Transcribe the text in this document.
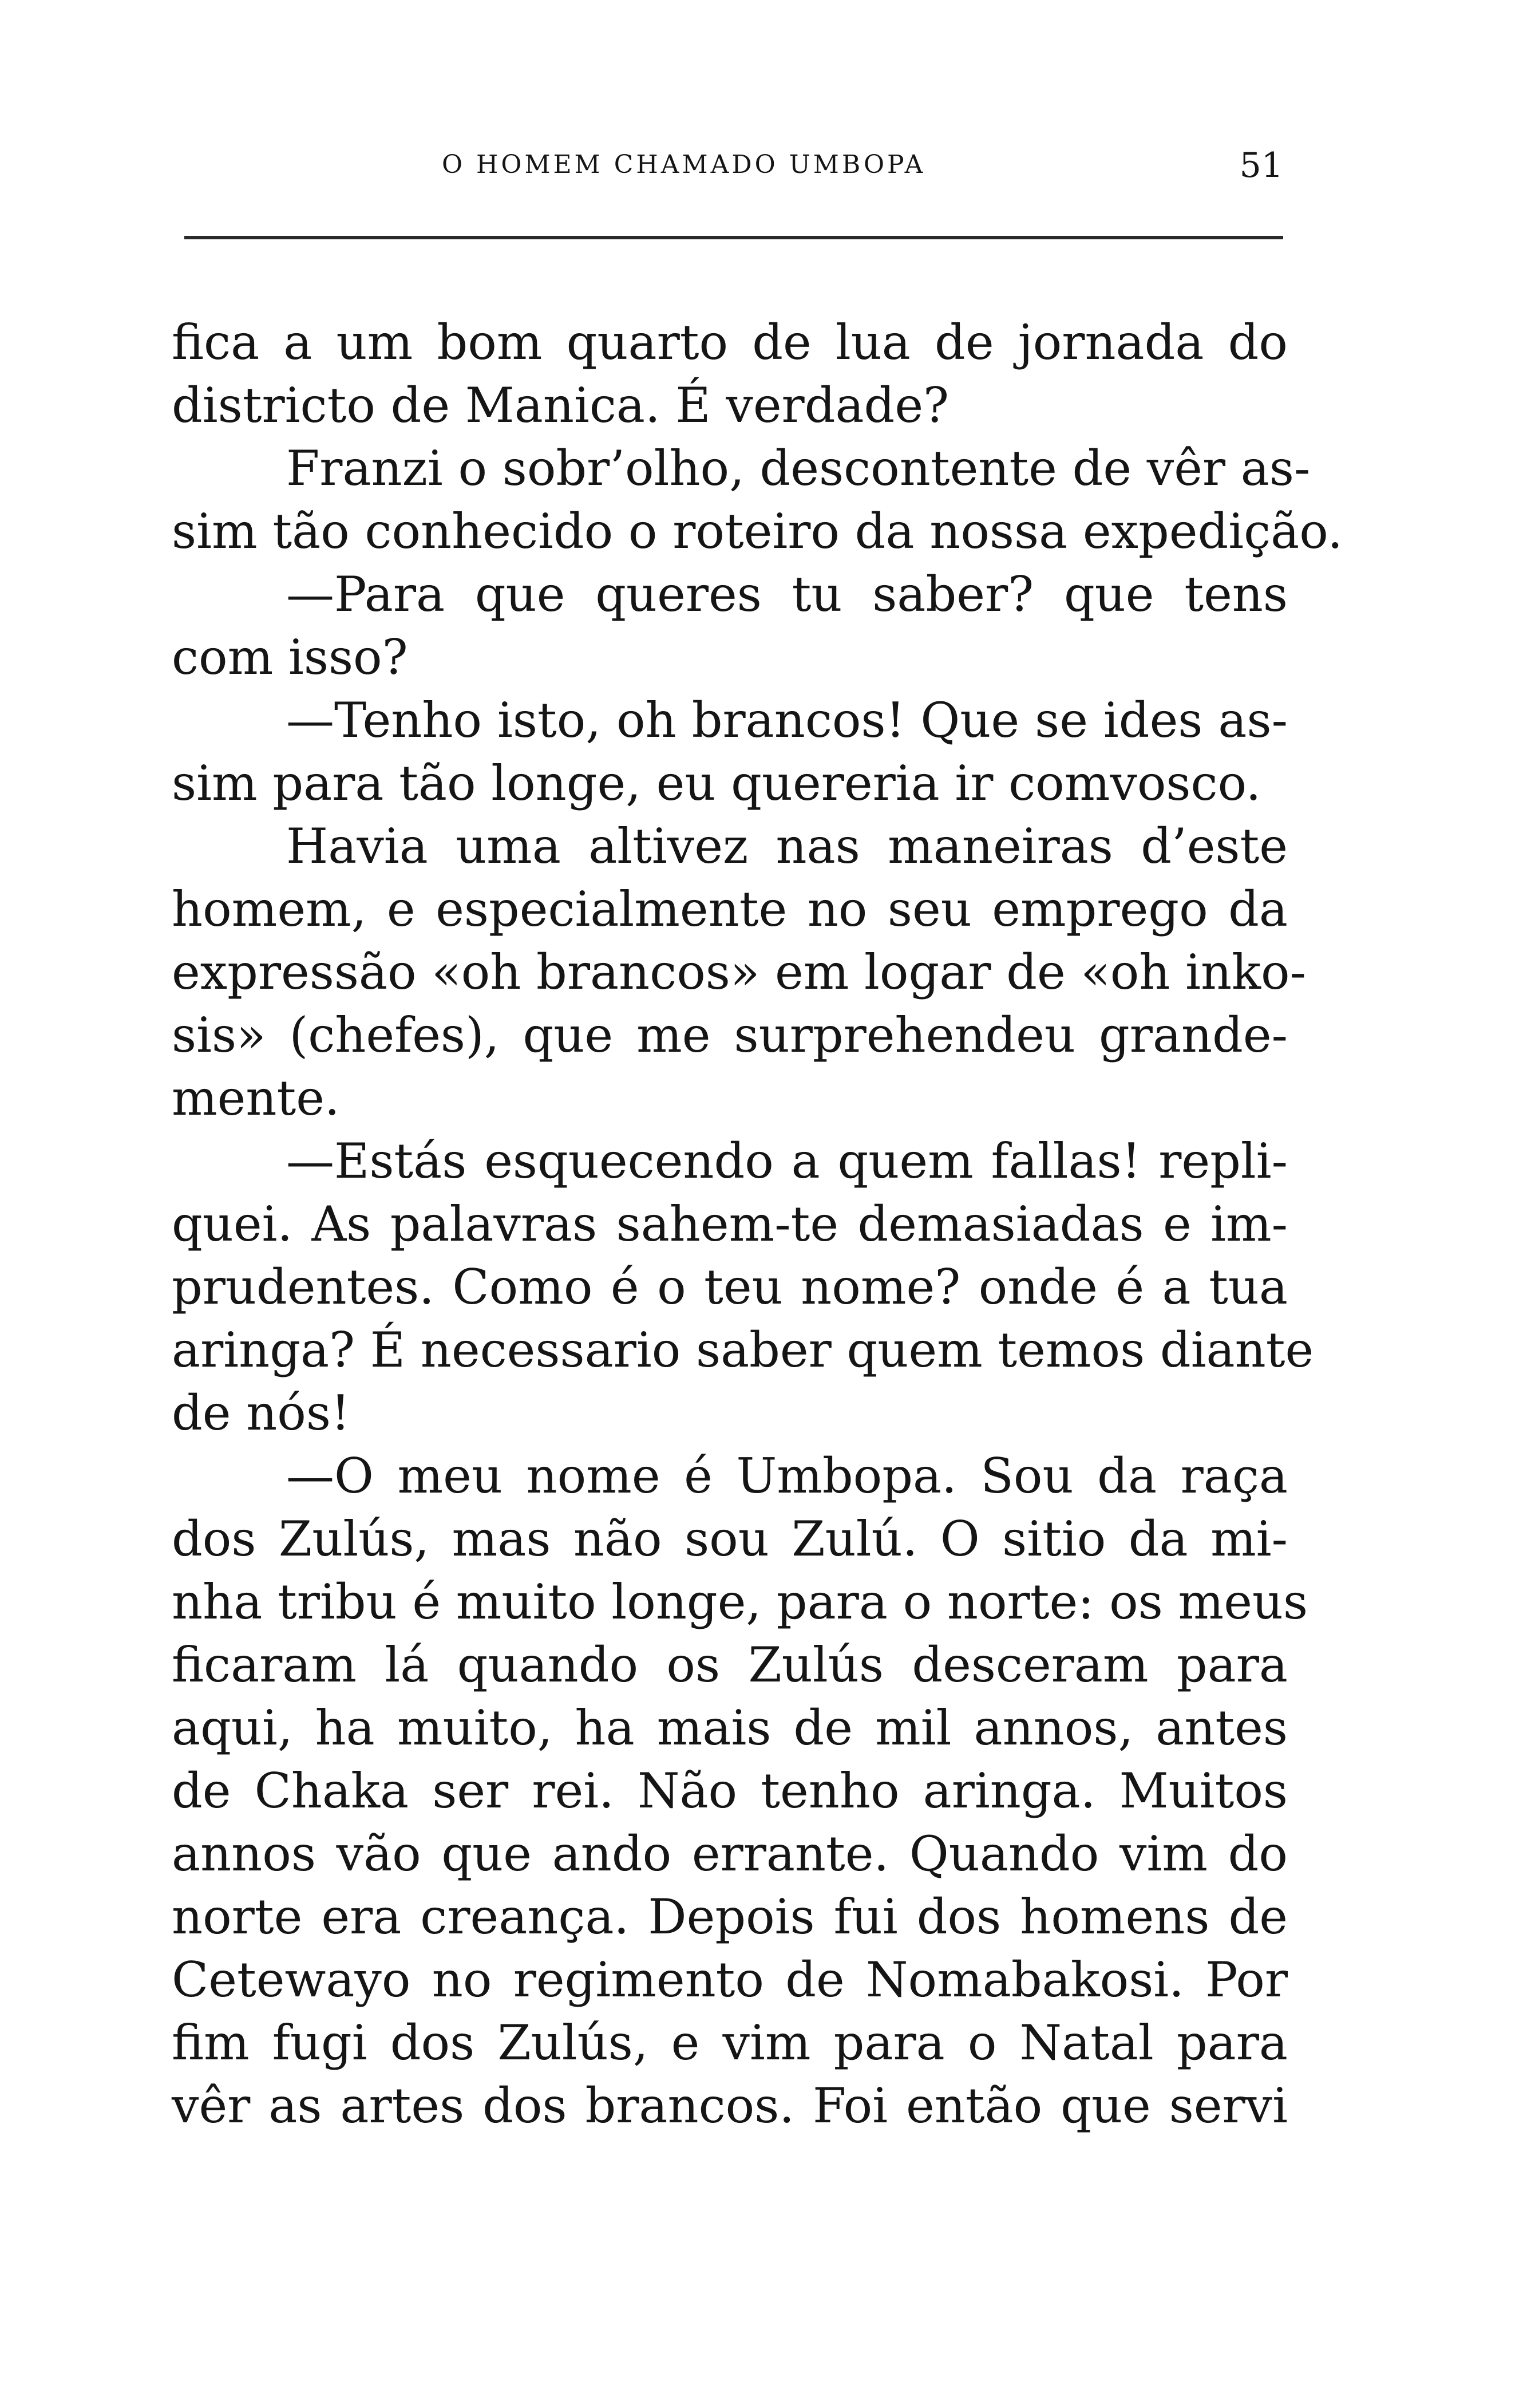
O HOMEM CHAMADO UMBOPA	51
fica a um bom quarto de lua de jornada do
districto de Manica. É verdade?
Franzi o sobr’olho, descontente de vêr as-
sim tão conhecido o roteiro da nossa expedição.
—Para que queres tu saber? que tens
com isso?
—Tenho isto, oh brancos! Que se ides as-
sim para tão longe, eu quereria ir comvosco.
Havia uma altivez nas maneiras d’este
homem, e especialmente no seu emprego da
expressão «oh brancos» em logar de «oh inko-
sis» (chefes), que me surprehendeu grande-
mente.
—Estás esquecendo a quem fallas! repli-
quei. As palavras sahem-te demasiadas e im-
prudentes. Como é o teu nome? onde é a tua
aringa? É necessario saber quem temos diante
de nós!
—O meu nome é Umbopa. Sou da raça
dos Zulús, mas não sou Zulú. O sitio da mi-
nha tribu é muito longe, para o norte: os meus
ficaram lá quando os Zulús desceram para
aqui, ha muito, ha mais de mil annos, antes
de Chaka ser rei. Não tenho aringa. Muitos
annos vão que ando errante. Quando vim do
norte era creança. Depois fui dos homens de
Cetewayo no regimento de Nomabakosi. Por
fim fugi dos Zulús, e vim para o Natal para
vêr as artes dos brancos. Foi então que servi
